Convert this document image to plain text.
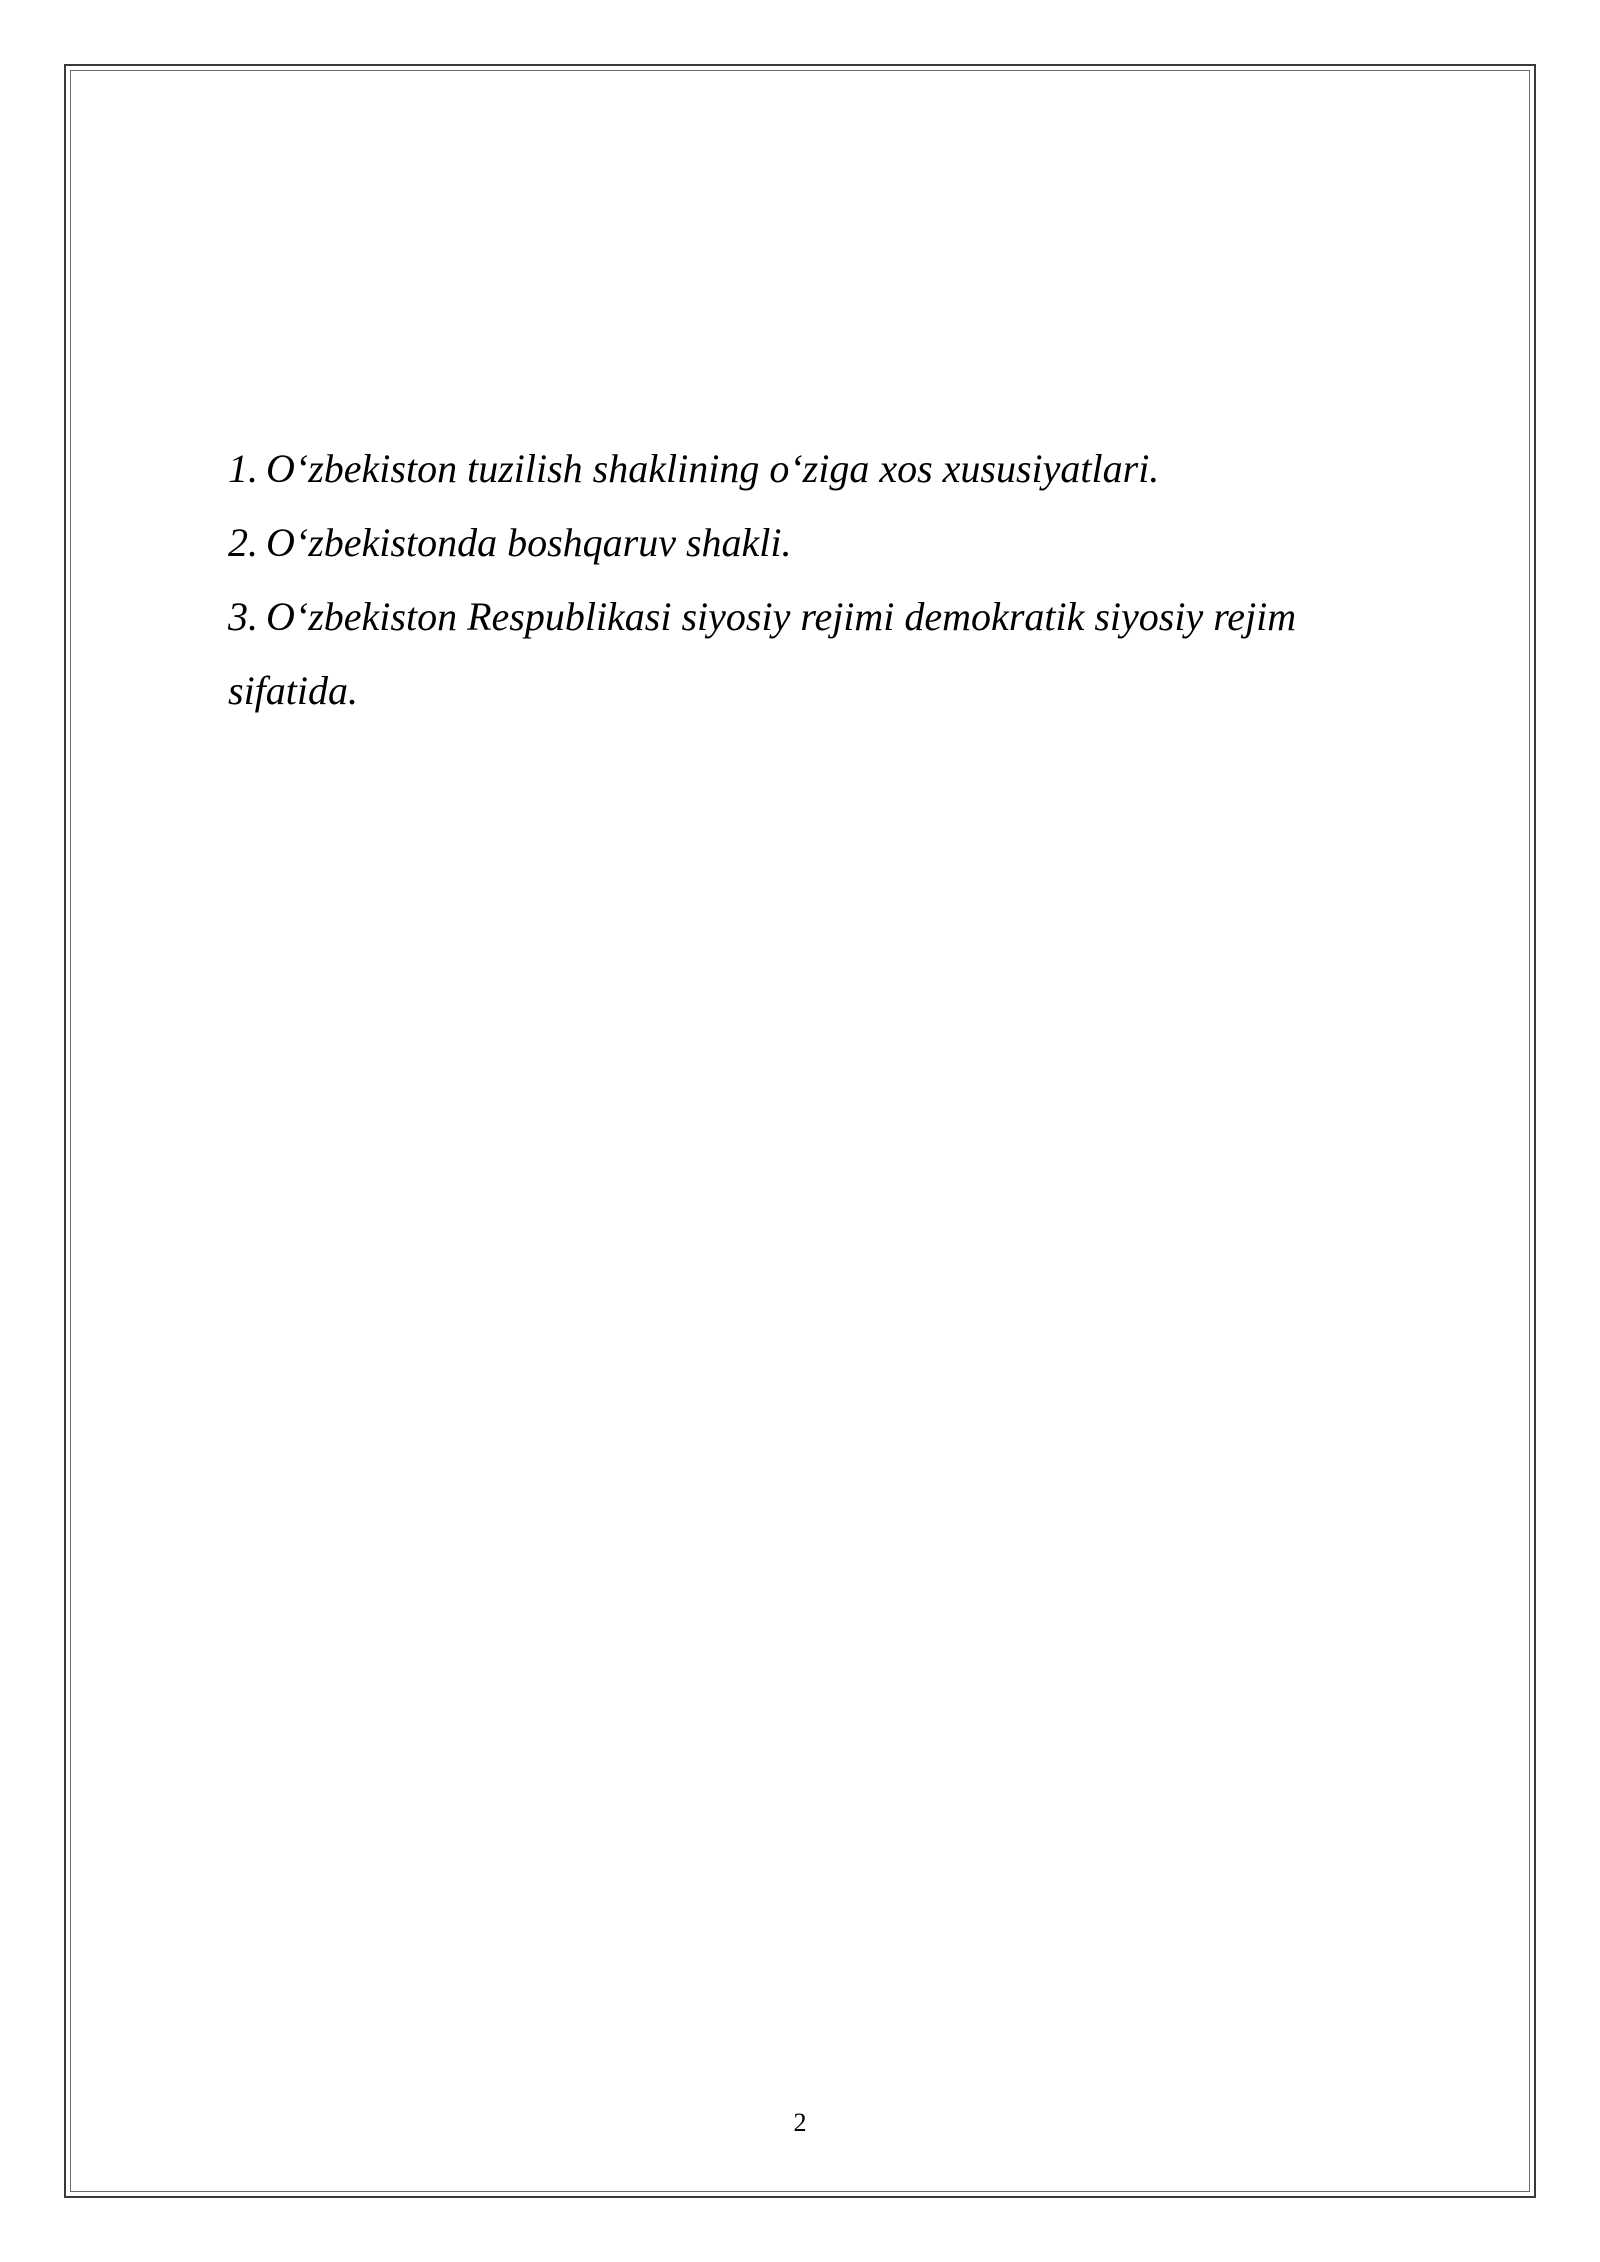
1. O‘zbekiston tuzilish shaklining o‘ziga xos xususiyatlari.
2. O‘zbekistonda boshqaruv shakli.
3. O‘zbekiston Respublikasi siyosiy rejimi demokratik siyosiy rejim sifatida.
2
